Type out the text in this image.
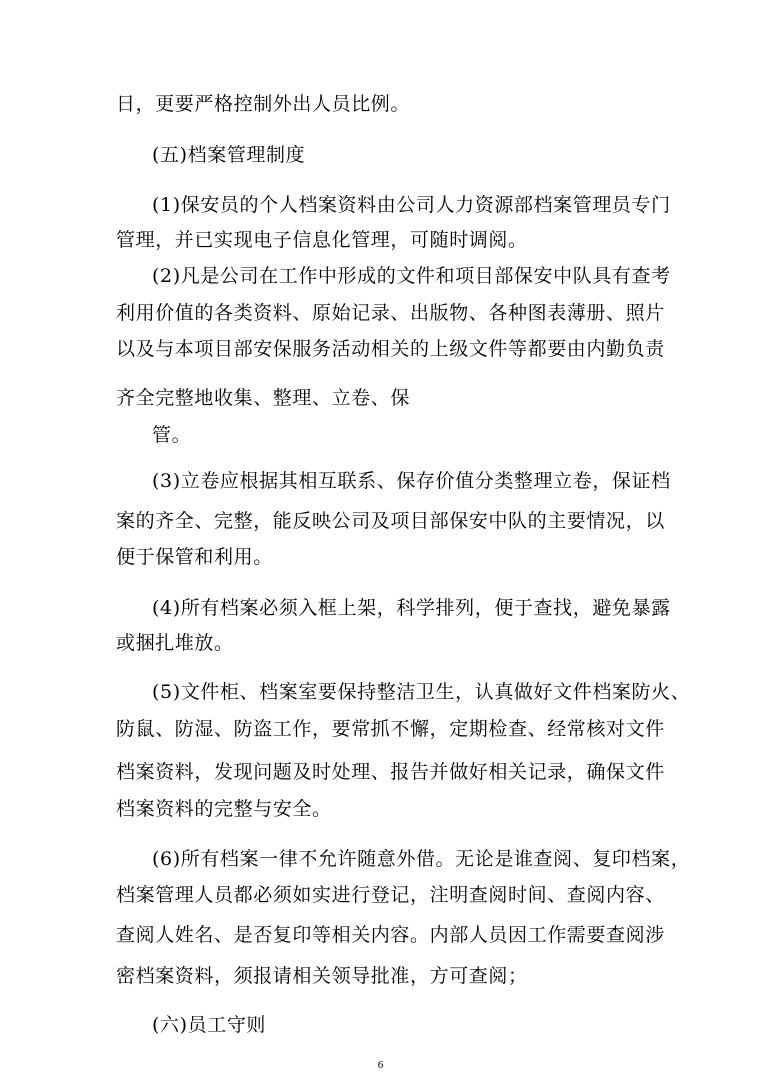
日，更要严格控制外出人员比例。
(五)档案管理制度
(1)保安员的个人档案资料由公司人力资源部档案管理员专门
管理，并已实现电子信息化管理，可随时调阅。
(2)凡是公司在工作中形成的文件和项目部保安中队具有查考
利用价值的各类资料、原始记录、出版物、各种图表薄册、照片
以及与本项目部安保服务活动相关的上级文件等都要由内勤负责
齐全完整地收集、整理、立卷、保
管。
(3)立卷应根据其相互联系、保存价值分类整理立卷，保证档
案的齐全、完整，能反映公司及项目部保安中队的主要情况，以
便于保管和利用。
(4)所有档案必须入框上架，科学排列，便于查找，避免暴露
或捆扎堆放。
(5)文件柜、档案室要保持整洁卫生，认真做好文件档案防火、
防鼠、防湿、防盗工作，要常抓不懈，定期检查、经常核对文件
档案资料，发现问题及时处理、报告并做好相关记录，确保文件
档案资料的完整与安全。
(6)所有档案一律不允许随意外借。无论是谁查阅、复印档案，
档案管理人员都必须如实进行登记，注明查阅时间、查阅内容、
查阅人姓名、是否复印等相关内容。内部人员因工作需要查阅涉
密档案资料，须报请相关领导批准，方可查阅；
(六)员工守则
6
